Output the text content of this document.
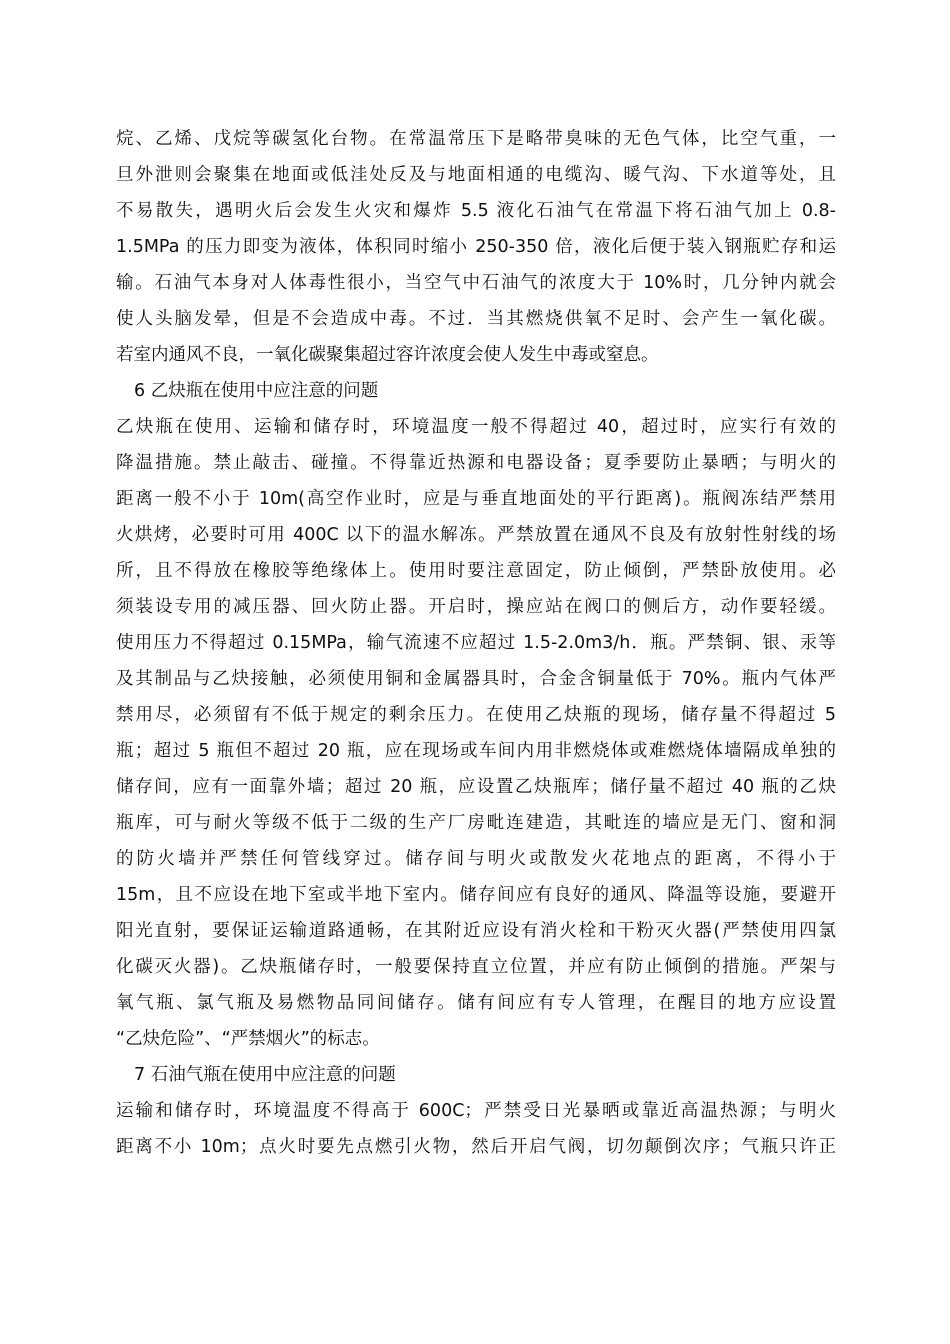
烷、乙烯、戊烷等碳氢化台物。在常温常压下是略带臭味的无色气体，比空气重，一
旦外泄则会聚集在地面或低洼处反及与地面相通的电缆沟、暖气沟、下水道等处，且
不易散失，遇明火后会发生火灾和爆炸 5.5 液化石油气在常温下将石油气加上 0.8-
1.5MPa 的压力即变为液体，体积同时缩小 250-350 倍，液化后便于装入钢瓶贮存和运
输。石油气本身对人体毒性很小，当空气中石油气的浓度大于 10%时，几分钟内就会
使人头脑发晕，但是不会造成中毒。不过．当其燃烧供氧不足时、会产生一氧化碳。
若室内通风不良，一氧化碳聚集超过容许浓度会使人发生中毒或窒息。
6 乙炔瓶在使用中应注意的问题
乙炔瓶在使用、运输和储存时，环境温度一般不得超过 40，超过时，应实行有效的
降温措施。禁止敲击、碰撞。不得靠近热源和电器设备；夏季要防止暴晒；与明火的
距离一般不小于 10m(高空作业时，应是与垂直地面处的平行距离)。瓶阀冻结严禁用
火烘烤，必要时可用 400C 以下的温水解冻。严禁放置在通风不良及有放射性射线的场
所，且不得放在橡胶等绝缘体上。使用时要注意固定，防止倾倒，严禁卧放使用。必
须装设专用的减压器、回火防止器。开启时，操应站在阀口的侧后方，动作要轻缓。
使用压力不得超过 0.15MPa，输气流速不应超过 1.5-2.0m3/h．瓶。严禁铜、银、汞等
及其制品与乙炔接触，必须使用铜和金属器具时，合金含铜量低于 70%。瓶内气体严
禁用尽，必须留有不低于规定的剩余压力。在使用乙炔瓶的现场，储存量不得超过 5
瓶；超过 5 瓶但不超过 20 瓶，应在现场或车间内用非燃烧体或难燃烧体墙隔成单独的
储存间，应有一面靠外墙；超过 20 瓶，应设置乙炔瓶库；储仔量不超过 40 瓶的乙炔
瓶库，可与耐火等级不低于二级的生产厂房毗连建造，其毗连的墙应是无门、窗和洞
的防火墙并严禁任何管线穿过。储存间与明火或散发火花地点的距离，不得小于
15m，且不应设在地下室或半地下室内。储存间应有良好的通风、降温等设施，要避开
阳光直射，要保证运输道路通畅，在其附近应设有消火栓和干粉灭火器(严禁使用四氯
化碳灭火器)。乙炔瓶储存时，一般要保持直立位置，并应有防止倾倒的措施。严架与
氧气瓶、氯气瓶及易燃物品同间储存。储有间应有专人管理，在醒目的地方应设置
“乙炔危险”、“严禁烟火”的标志。
7 石油气瓶在使用中应注意的问题
运输和储存时，环境温度不得高于 600C；严禁受日光暴晒或靠近高温热源；与明火
距离不小 10m；点火时要先点燃引火物，然后开启气阀，切勿颠倒次序；气瓶只许正
